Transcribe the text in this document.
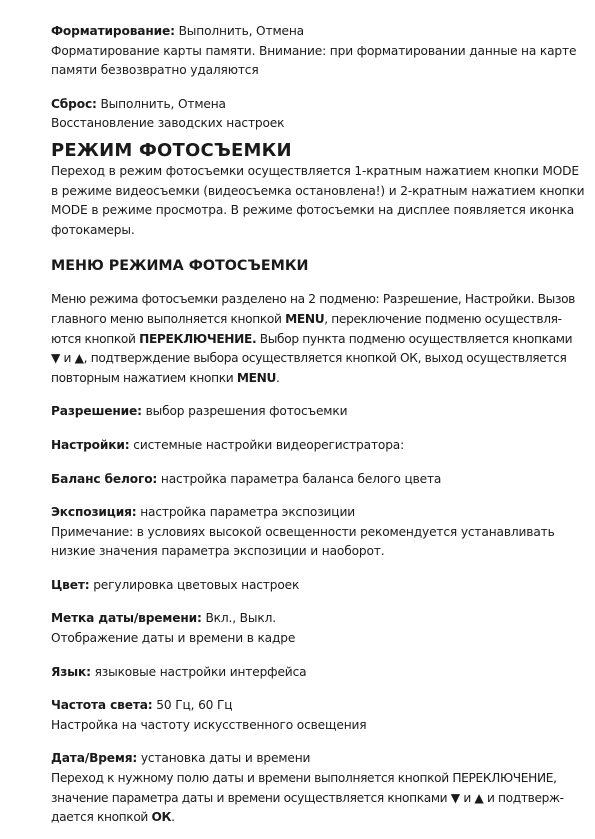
Форматирование: Выполнить, Отмена
Форматирование карты памяти. Внимание: при форматировании данные на карте
памяти безвозвратно удаляются
Сброс: Выполнить, Отмена
Восстановление заводских настроек
РЕЖИМ ФОТОСЪЕМКИ
Переход в режим фотосъемки осуществляется 1-кратным нажатием кнопки MODE
в режиме видеосъемки (видеосъемка остановлена!) и 2-кратным нажатием кнопки
MODE в режиме просмотра. В режиме фотосъемки на дисплее появляется иконка
фотокамеры.
МЕНЮ РЕЖИМА ФОТОСЪЕМКИ
Меню режима фотосъемки разделено на 2 подменю: Разрешение, Настройки. Вызов
главного меню выполняется кнопкой MENU, переключение подменю осуществля-
ются кнопкой ПЕРЕКЛЮЧЕНИЕ. Выбор пункта подменю осуществляется кнопками
▼ и ▲, подтверждение выбора осуществляется кнопкой ОК, выход осуществляется
повторным нажатием кнопки MENU.
Разрешение: выбор разрешения фотосъемки
Настройки: системные настройки видеорегистратора:
Баланс белого: настройка параметра баланса белого цвета
Экспозиция: настройка параметра экспозиции
Примечание: в условиях высокой освещенности рекомендуется устанавливать
низкие значения параметра экспозиции и наоборот.
Цвет: регулировка цветовых настроек
Метка даты/времени: Вкл., Выкл.
Отображение даты и времени в кадре
Язык: языковые настройки интерфейса
Частота света: 50 Гц, 60 Гц
Настройка на частоту искусственного освещения
Дата/Время: установка даты и времени
Переход к нужному полю даты и времени выполняется кнопкой ПЕРЕКЛЮЧЕНИЕ,
значение параметра даты и времени осуществляется кнопками ▼ и ▲ и подтверж-
дается кнопкой ОК.
